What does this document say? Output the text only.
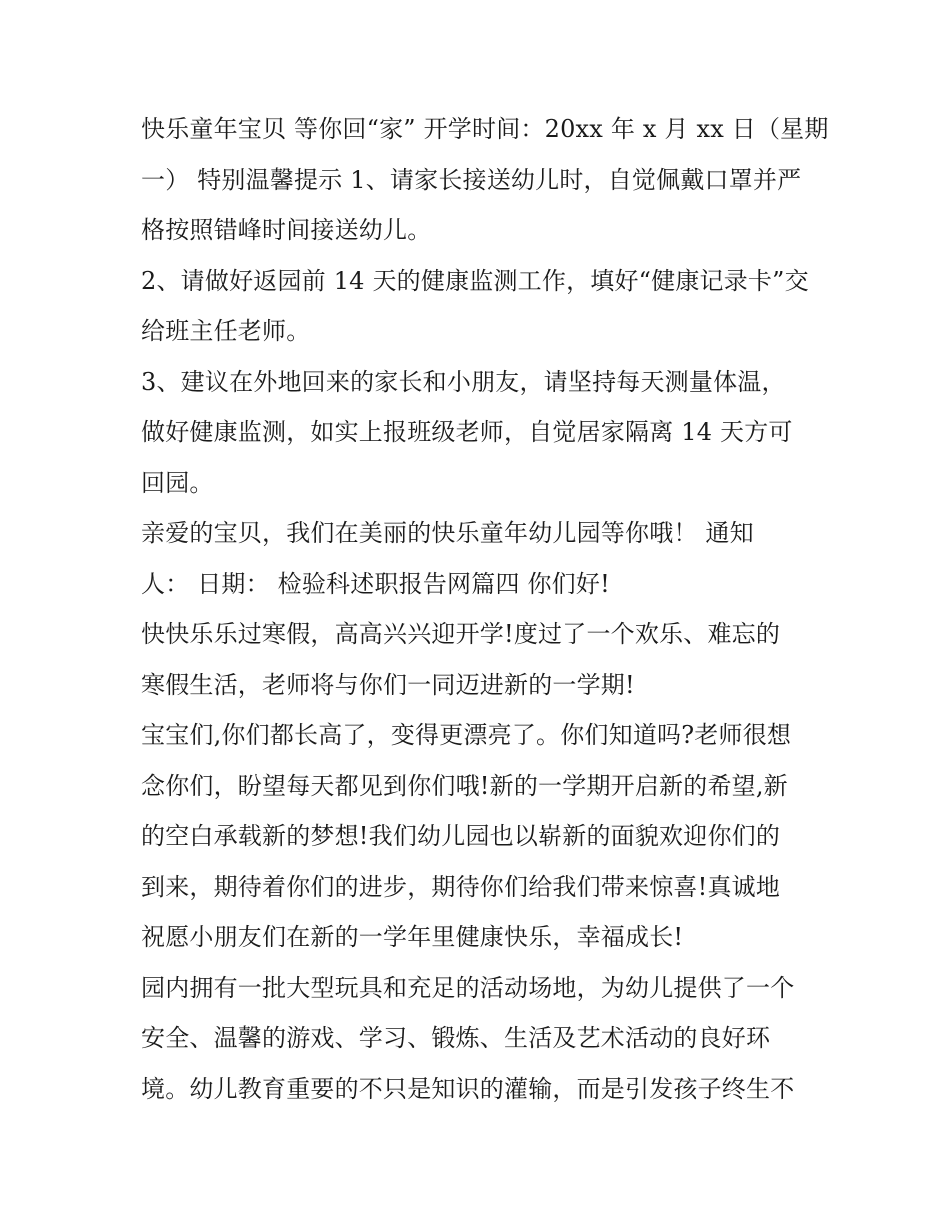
快乐童年宝贝 等你回“家” 开学时间：20xx 年 x 月 xx 日（星期
一） 特别温馨提示 1、请家长接送幼儿时，自觉佩戴口罩并严
格按照错峰时间接送幼儿。
2、请做好返园前 14 天的健康监测工作，填好“健康记录卡”交
给班主任老师。
3、建议在外地回来的家长和小朋友，请坚持每天测量体温，
做好健康监测，如实上报班级老师，自觉居家隔离 14 天方可
回园。
亲爱的宝贝，我们在美丽的快乐童年幼儿园等你哦！ 通知
人： 日期： 检验科述职报告网篇四 你们好!
快快乐乐过寒假，高高兴兴迎开学!度过了一个欢乐、难忘的
寒假生活，老师将与你们一同迈进新的一学期!
宝宝们,你们都长高了，变得更漂亮了。你们知道吗?老师很想
念你们，盼望每天都见到你们哦!新的一学期开启新的希望,新
的空白承载新的梦想!我们幼儿园也以崭新的面貌欢迎你们的
到来，期待着你们的进步，期待你们给我们带来惊喜!真诚地
祝愿小朋友们在新的一学年里健康快乐，幸福成长!
园内拥有一批大型玩具和充足的活动场地，为幼儿提供了一个
安全、温馨的游戏、学习、锻炼、生活及艺术活动的良好环
境。幼儿教育重要的不只是知识的灌输，而是引发孩子终生不
